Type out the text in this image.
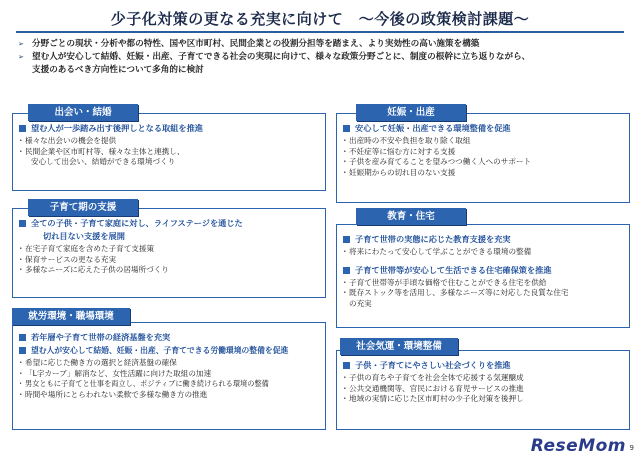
少子化対策の更なる充実に向けて　～今後の政策検討課題～
➢ 分野ごとの現状・分析や都の特性、国や区市町村、民間企業との役割分担等を踏まえ、より実効性の高い施策を構築
➢ 望む人が安心して結婚、妊娠・出産、子育てできる社会の実現に向けて、様々な政策分野ごとに、制度の根幹に立ち返りながら、
支援のあるべき方向性について多角的に検討
望む人が一歩踏み出す後押しとなる取組を推進
・ 様々な出会いの機会を提供
・ 民間企業や区市町村等、様々な主体と連携し、
安心して出会い、結婚ができる環境づくり
出会い・結婚
安心して妊娠・出産できる環境整備を促進
・ 出産時の不安や負担を取り除く取組
・ 不妊症等に悩む方に対する支援
・ 子供を産み育てることを望みつつ働く人へのサポート
・ 妊娠期からの切れ目のない支援
妊娠・出産
全ての子供・子育て家庭に対し、ライフステージを通じた
切れ目ない支援を展開
・ 在宅子育て家庭を含めた子育て支援策
・ 保育サービスの更なる充実
・ 多様なニーズに応えた子供の居場所づくり
子育て期の支援
子育て世帯の実態に応じた教育支援を充実
・ 将来にわたって安心して学ぶことができる環境の整備
子育て世帯等が安心して生活できる住宅確保策を推進
・ 子育て世帯等が手頃な価格で住むことができる住宅を供給
・ 既存ストック等を活用し、多様なニーズ等に対応した良質な住宅
の充実
教育・住宅
若年層や子育て世帯の経済基盤を充実
望む人が安心して結婚、妊娠・出産、子育てできる労働環境の整備を促進
・ 希望に応じた働き方の選択と経済基盤の確保
・ 「L字カーブ」解消など、女性活躍に向けた取組の加速
・ 男女ともに子育てと仕事を両立し、ポジティブに働き続けられる環境の整備
・ 時間や場所にとらわれない柔軟で多様な働き方の推進
就労環境・職場環境
子供・子育てにやさしい社会づくりを推進
・ 子供の育ちや子育てを社会全体で応援する気運醸成
・ 公共交通機関等、官民における育児サービスの推進
・ 地域の実情に応じた区市町村の少子化対策を後押し
社会気運・環境整備
ReseMom 9
